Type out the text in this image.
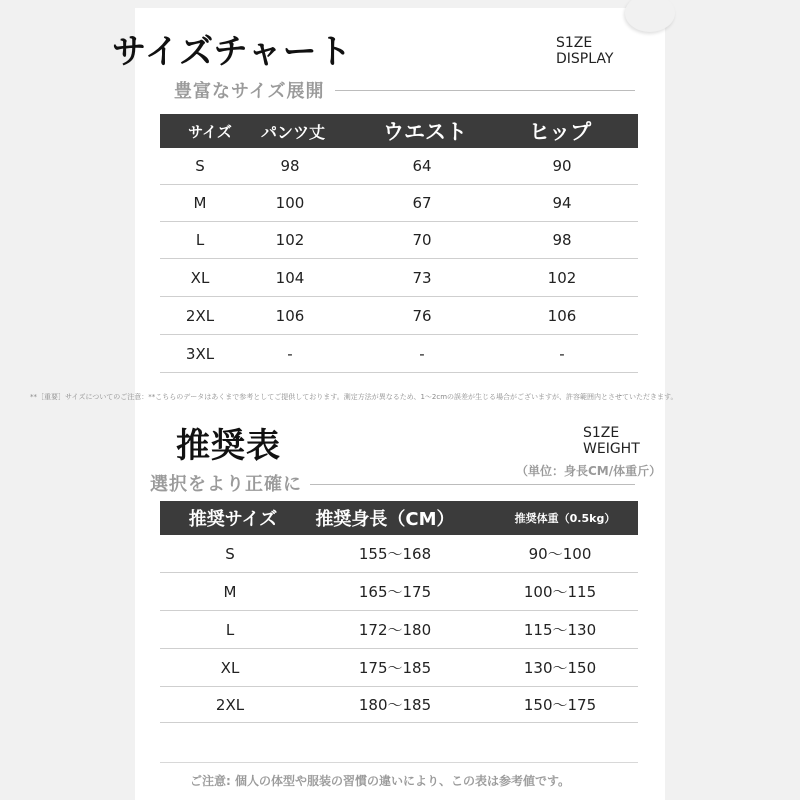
サイズチャート	S1ZE
DISPLAY
豊富なサイズ展開
サイズ	パンツ丈	ウエスト	ヒップ
S	98	64	90
M	100	67	94
L	102	70	98
XL	104	73	102
2XL	106	76	106
3XL	-	-	-
**［重要］サイズについてのご注意：**こちらのデータはあくまで参考としてご提供しております。測定方法が異なるため、1～2cmの誤差が生じる場合がございますが、許容範囲内とさせていただきます。
推奨表	S1ZE
WEIGHT
（単位：身長CM/体重斤）
選択をより正確に
推奨サイズ	推奨身長（CM）	推奨体重（0.5kg）
S	155～168	90～100
M	165～175	100～115
L	172～180	115～130
XL	175～185	130～150
2XL	180～185	150～175
ご注意: 個人の体型や服装の習慣の違いにより、この表は参考値です。
